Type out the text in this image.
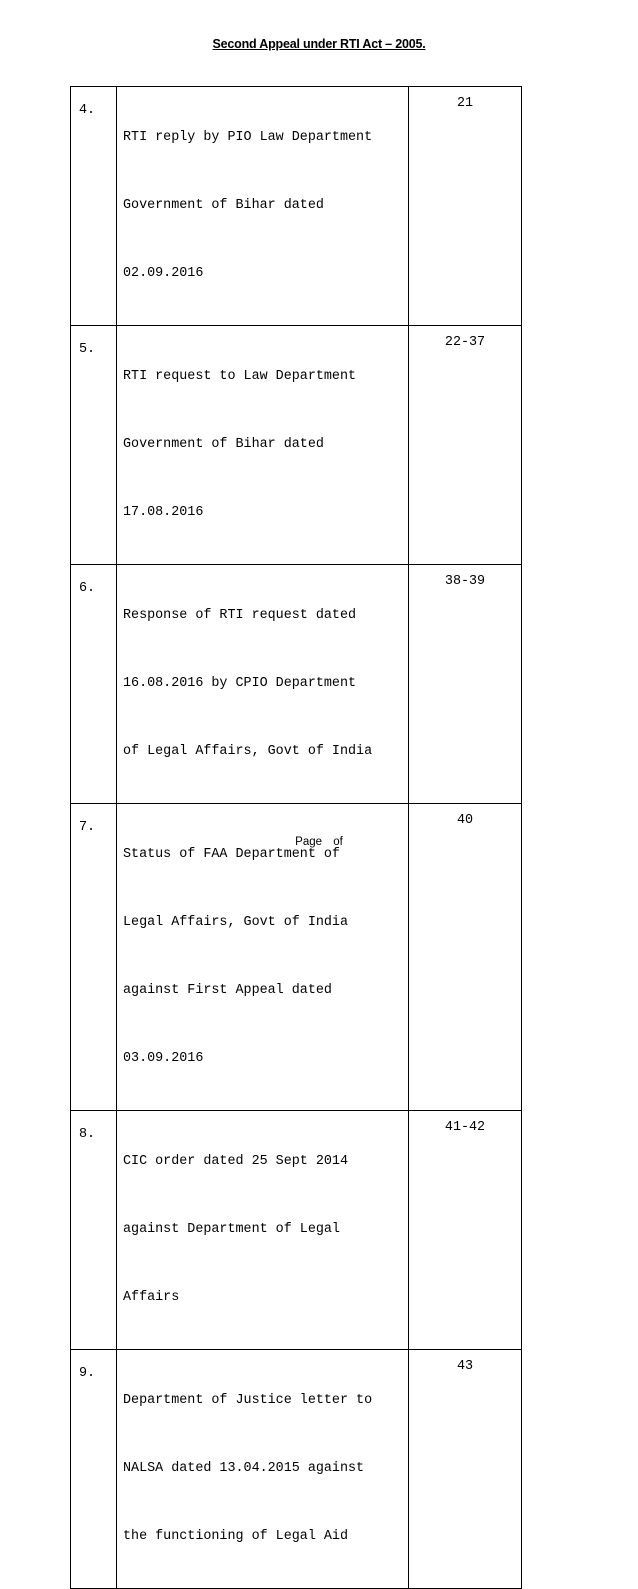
Second Appeal under RTI Act – 2005.
4.	RTI reply by PIO Law Department

Government of Bihar dated

02.09.2016	21

5.	RTI request to Law Department

Government of Bihar dated

17.08.2016	22-37

6.	Response of RTI request dated

16.08.2016 by CPIO Department

of Legal Affairs, Govt of India	38-39

7.	Status of FAA Department of

Legal Affairs, Govt of India

against First Appeal dated

03.09.2016	40

8.	CIC order dated 25 Sept 2014

against Department of Legal

Affairs	41-42

9.	Department of Justice letter to

NALSA dated 13.04.2015 against

the functioning of Legal Aid	43
Page of
